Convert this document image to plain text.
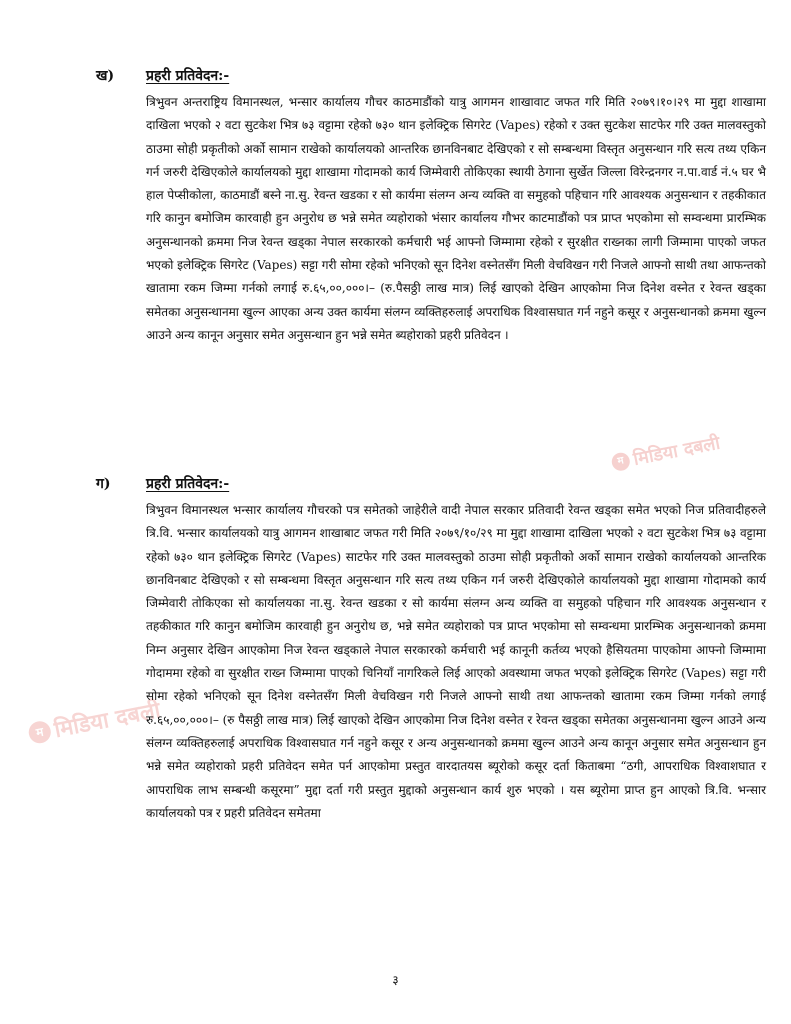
म मिडिया दबली
म मिडिया दबली
ख) प्रहरी प्रतिवेदन:-
त्रिभुवन अन्तराष्ट्रिय विमानस्थल, भन्सार कार्यालय गौचर काठमाडौंको यात्रु आगमन शाखावाट जफत गरि मिति २०७९।१०।२९ मा मुद्दा शाखामा दाखिला भएको २ वटा सुटकेश भित्र ७३ वट्टामा रहेको ७३० थान इलेक्ट्रिक सिगरेट (Vapes) रहेको र उक्त सुटकेश साटफेर गरि उक्त मालवस्तुको ठाउमा सोही प्रकृतीको अर्को सामान राखेको कार्यालयको आन्तरिक छानविनबाट देखिएको र सो सम्बन्धमा विस्तृत अनुसन्धान गरि सत्य तथ्य एकिन गर्न जरुरी देखिएकोले कार्यालयको मुद्दा शाखामा गोदामको कार्य जिम्मेवारी तोकिएका स्थायी ठेगाना सुर्खेत जिल्ला विरेन्द्रनगर न.पा.वार्ड नं.५ घर भै हाल पेप्सीकोला, काठमाडौं बस्ने ना.सु. रेवन्त खडका र सो कार्यमा संलग्न अन्य व्यक्ति वा समुहको पहिचान गरि आवश्यक अनुसन्धान र तहकीकात गरि कानुन बमोजिम कारवाही हुन अनुरोध छ भन्ने समेत व्यहोराको भंसार कार्यालय गौभर काटमाडौंको पत्र प्राप्त भएकोमा सो सम्वन्धमा प्रारम्भिक अनुसन्धानको क्रममा निज रेवन्त खड्का नेपाल सरकारको कर्मचारी भई आफ्नो जिम्मामा रहेको र सुरक्षीत राख्नका लागी जिम्मामा पाएको जफत भएको इलेक्ट्रिक सिगरेट (Vapes) सट्टा गरी सोमा रहेको भनिएको सून दिनेश वस्नेतसँग मिली वेचविखन गरी निजले आफ्नो साथी तथा आफन्तको खातामा रकम जिम्मा गर्नको लगाई रु.६५,००,०००।– (रु.पैसठ्ठी लाख मात्र) लिई खाएको देखिन आएकोमा निज दिनेश वस्नेत र रेवन्त खड्का समेतका अनुसन्धानमा खुल्न आएका अन्य उक्त कार्यमा संलग्न व्यक्तिहरुलाई अपराधिक विश्वासघात गर्न नहुने कसूर र अनुसन्धानको क्रममा खुल्न आउने अन्य कानून अनुसार समेत अनुसन्धान हुन भन्ने समेत ब्यहोराको प्रहरी प्रतिवेदन ।
ग)	प्रहरी प्रतिवेदन:-
त्रिभुवन विमानस्थल भन्सार कार्यालय गौचरको पत्र समेतको जाहेरीले वादी नेपाल सरकार प्रतिवादी रेवन्त खड्का समेत भएको निज प्रतिवादीहरुले त्रि.वि. भन्सार कार्यालयको यात्रु आगमन शाखाबाट जफत गरी मिति २०७९/१०/२९ मा मुद्दा शाखामा दाखिला भएको २ वटा सुटकेश भित्र ७३ वट्टामा रहेको ७३० थान इलेक्ट्रिक सिगरेट (Vapes) साटफेर गरि उक्त मालवस्तुको ठाउमा सोही प्रकृतीको अर्को सामान राखेको कार्यालयको आन्तरिक छानविनबाट देखिएको र सो सम्बन्धमा विस्तृत अनुसन्धान गरि सत्य तथ्य एकिन गर्न जरुरी देखिएकोले कार्यालयको मुद्दा शाखामा गोदामको कार्य जिम्मेवारी तोकिएका सो कार्यालयका ना.सु. रेवन्त खडका र सो कार्यमा संलग्न अन्य व्यक्ति वा समुहको पहिचान गरि आवश्यक अनुसन्धान र तहकीकात गरि कानुन बमोजिम कारवाही हुन अनुरोध छ, भन्ने समेत व्यहोराको पत्र प्राप्त भएकोमा सो सम्वन्धमा प्रारम्भिक अनुसन्धानको क्रममा निम्न अनुसार देखिन आएकोमा निज रेवन्त खड्काले नेपाल सरकारको कर्मचारी भई कानूनी कर्तव्य भएको हैसियतमा पाएकोमा आफ्नो जिम्मामा गोदाममा रहेको वा सुरक्षीत राख्न जिम्मामा पाएको चिनियाँ नागरिकले लिई आएको अवस्थामा जफत भएको इलेक्ट्रिक सिगरेट (Vapes) सट्टा गरी सोमा रहेको भनिएको सून दिनेश वस्नेतसँग मिली वेचविखन गरी निजले आफ्नो साथी तथा आफन्तको खातामा रकम जिम्मा गर्नको लगाई रु.६५,००,०००।– (रु पैसठ्ठी लाख मात्र) लिई खाएको देखिन आएकोमा निज दिनेश वस्नेत र रेवन्त खड्का समेतका अनुसन्धानमा खुल्न आउने अन्य संलग्न व्यक्तिहरुलाई अपराधिक विश्वासघात गर्न नहुने कसूर र अन्य अनुसन्धानको क्रममा खुल्न आउने अन्य कानून अनुसार समेत अनुसन्धान हुन भन्ने समेत व्यहोराको प्रहरी प्रतिवेदन समेत पर्न आएकोमा प्रस्तुत वारदातयस ब्यूरोको कसूर दर्ता किताबमा “ठगी, आपराधिक विश्वाशघात र आपराधिक लाभ सम्बन्धी कसूरमा” मुद्दा दर्ता गरी प्रस्तुत मुद्दाको अनुसन्धान कार्य शुरु भएको । यस ब्यूरोमा प्राप्त हुन आएको त्रि.वि. भन्सार कार्यालयको पत्र र प्रहरी प्रतिवेदन समेतमा
३
